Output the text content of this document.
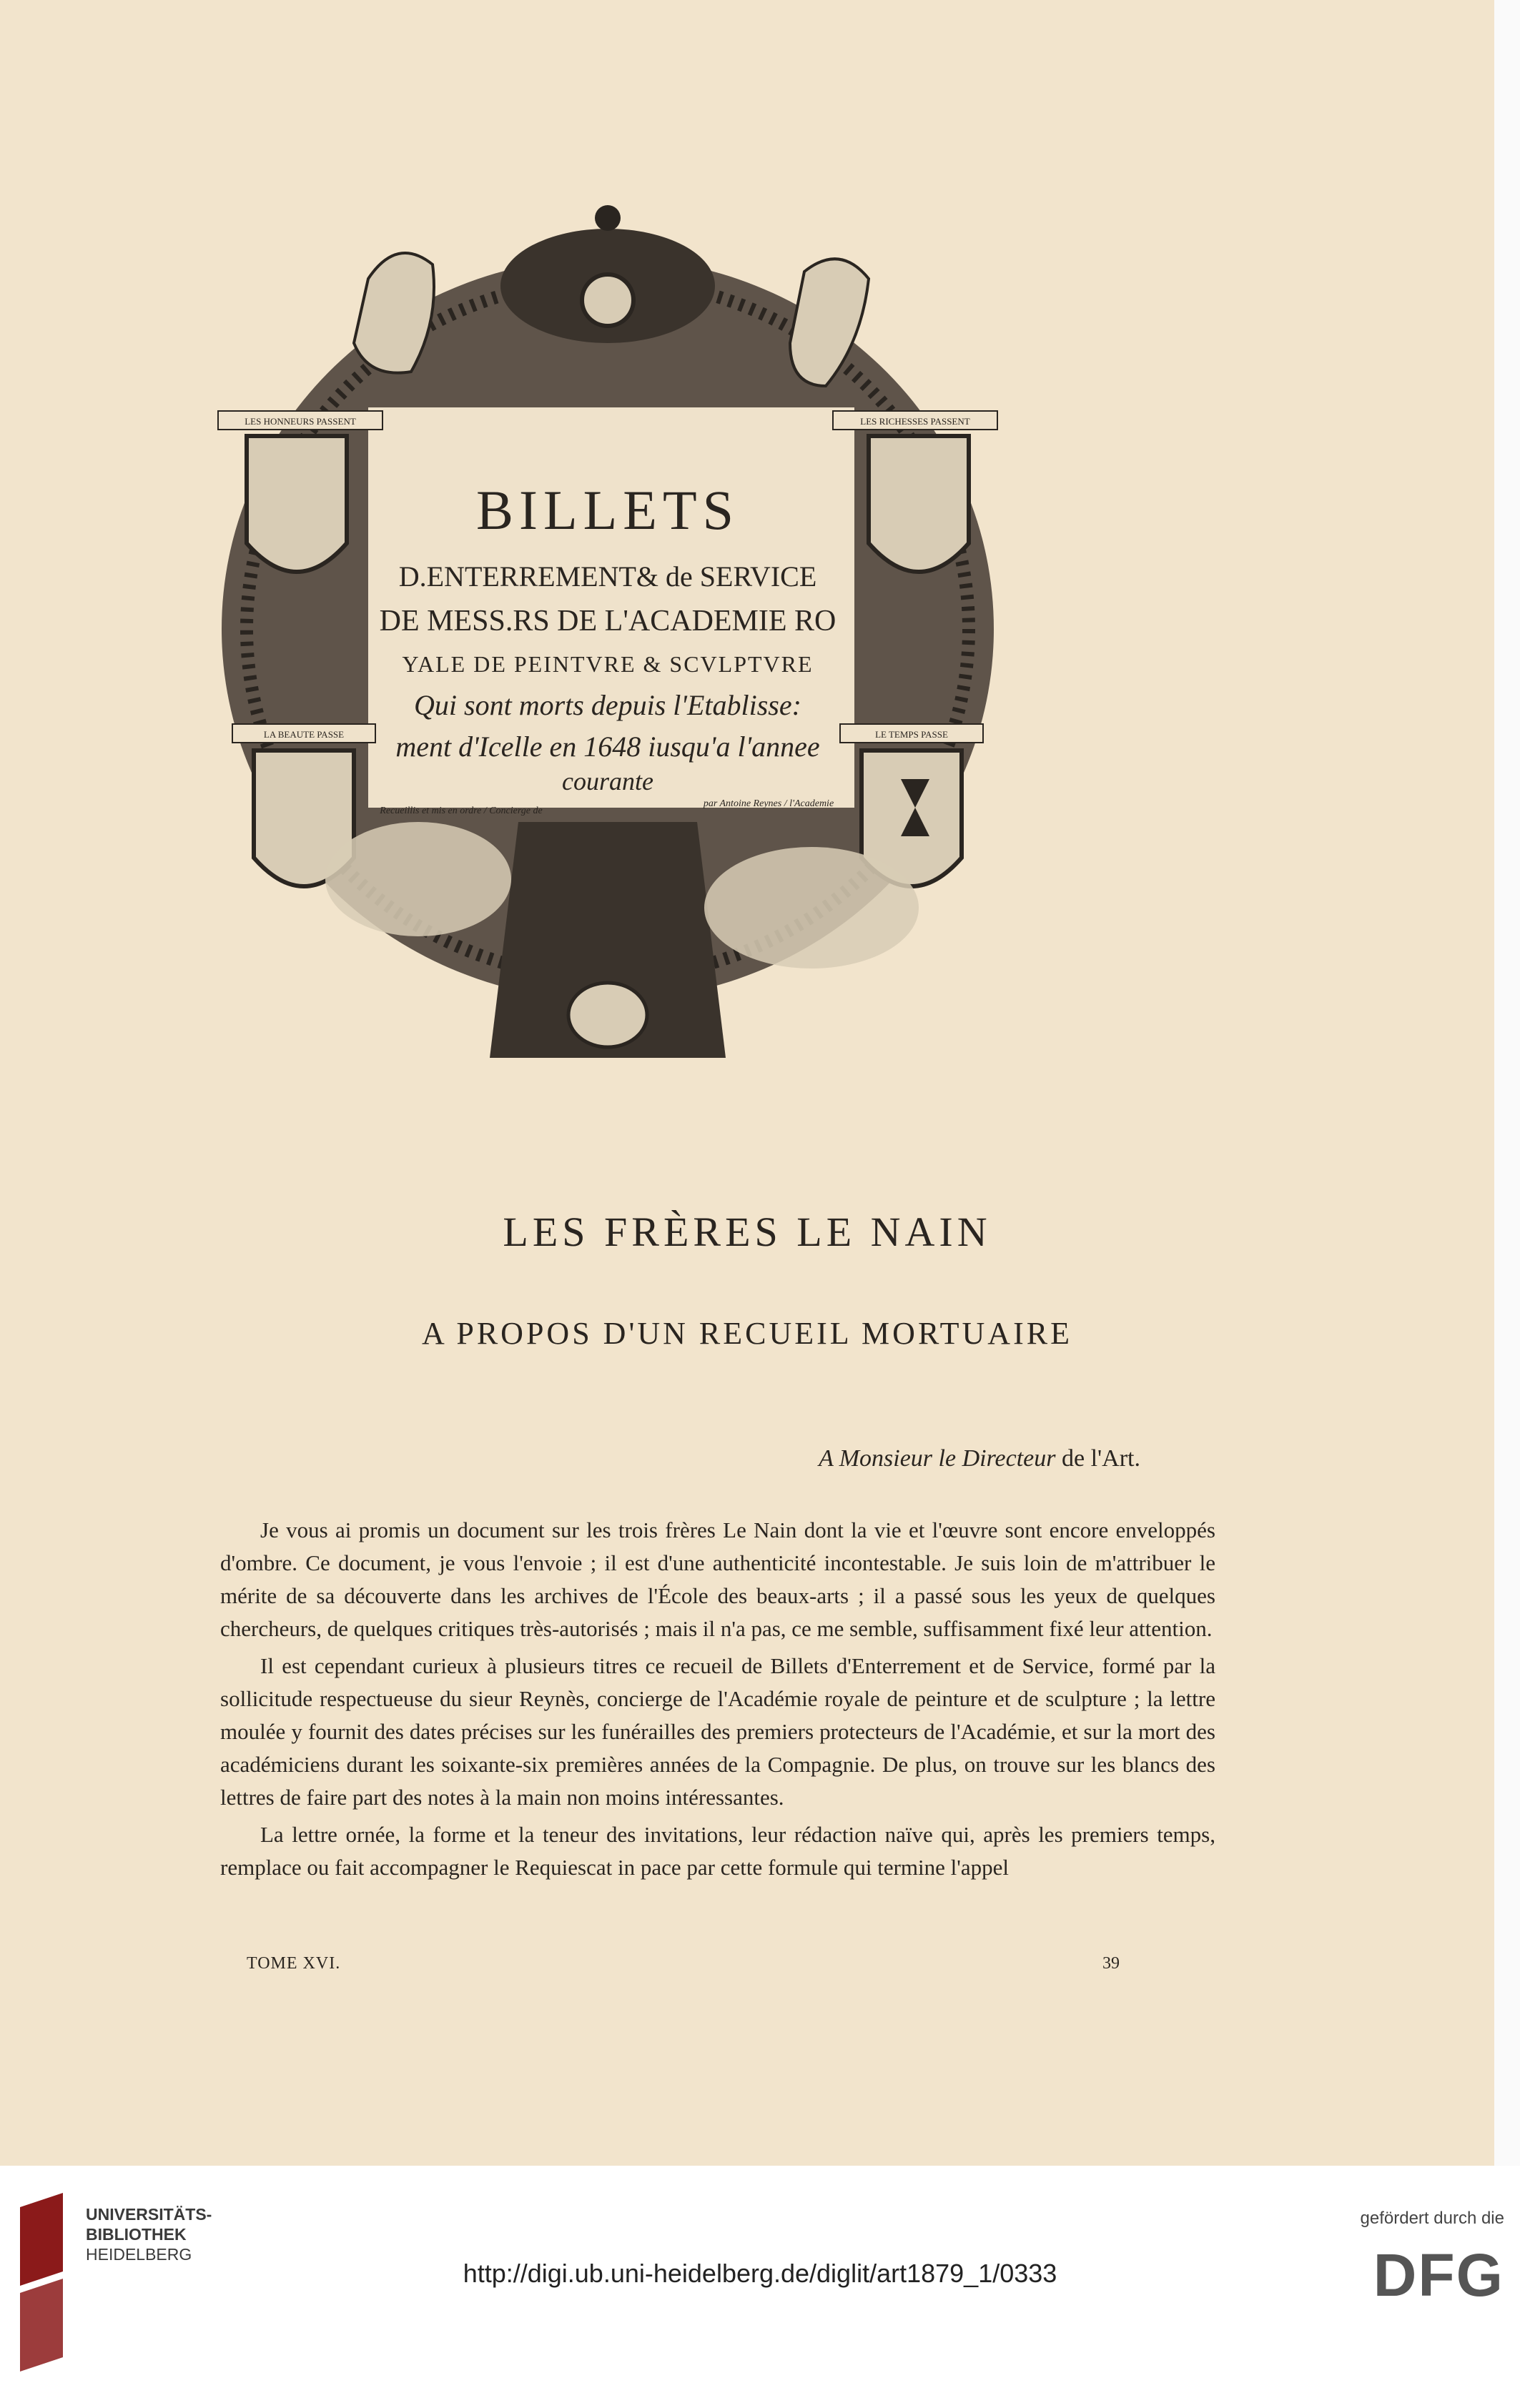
LES HONNEURS PASSENT	LES RICHESSES PASSENT
LA BEAUTE PASSE	LE TEMPS PASSE
BILLETS
D.ENTERREMENT& de SERVICE
DE MESS.RS DE L'ACADEMIE RO
YALE DE PEINTVRE & SCVLPTVRE
Qui sont morts depuis l'Etablisse:
ment d'Icelle en 1648 iusqu'a l'annee
courante
Recueillis et mis en ordre / Concierge de
par Antoine Reynes / l'Academie
LES FRÈRES LE NAIN
A PROPOS D'UN RECUEIL MORTUAIRE
A Monsieur le Directeur de l'Art.

Je vous ai promis un document sur les trois frères Le Nain dont la vie et l'œuvre sont encore enveloppés d'ombre. Ce document, je vous l'envoie ; il est d'une authenticité incontestable. Je suis loin de m'attribuer le mérite de sa découverte dans les archives de l'École des beaux-arts ; il a passé sous les yeux de quelques chercheurs, de quelques critiques très-autorisés ; mais il n'a pas, ce me semble, suffisamment fixé leur attention.

Il est cependant curieux à plusieurs titres ce recueil de Billets d'Enterrement et de Service, formé par la sollicitude respectueuse du sieur Reynès, concierge de l'Académie royale de peinture et de sculpture ; la lettre moulée y fournit des dates précises sur les funérailles des premiers protecteurs de l'Académie, et sur la mort des académiciens durant les soixante-six premières années de la Compagnie. De plus, on trouve sur les blancs des lettres de faire part des notes à la main non moins intéressantes.

La lettre ornée, la forme et la teneur des invitations, leur rédaction naïve qui, après les premiers temps, remplace ou fait accompagner le Requiescat in pace par cette formule qui termine l'appel

TOME XVI.	39
UNIVERSITÄTS-
BIBLIOTHEK
HEIDELBERG
http://digi.ub.uni-heidelberg.de/diglit/art1879_1/0333
gefördert durch die
DFG
